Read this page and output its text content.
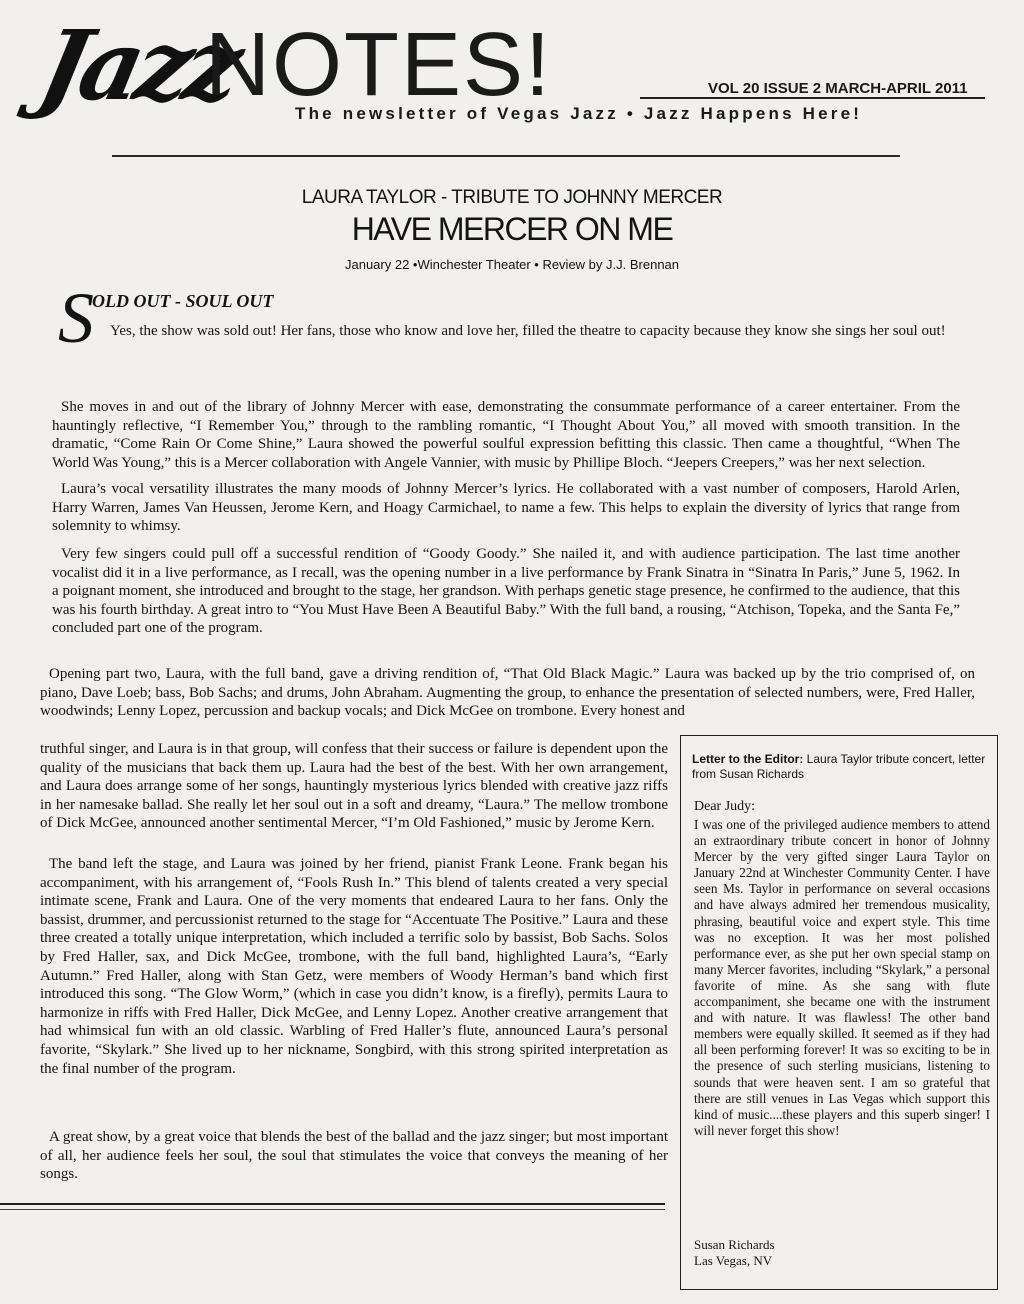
Jazz
NOTES!
The newsletter of Vegas Jazz • Jazz Happens Here!
VOL 20 ISSUE 2 MARCH-APRIL 2011
LAURA TAYLOR - TRIBUTE TO JOHNNY MERCER
HAVE MERCER ON ME
January 22 •Winchester Theater • Review by J.J. Brennan
S
OLD OUT - SOUL OUT

Yes, the show was sold out! Her fans, those who know and love her, filled the theatre to capacity because they know she sings her soul out!

She moves in and out of the library of Johnny Mercer with ease, demonstrating the consummate performance of a career entertainer. From the hauntingly reflective, “I Remember You,” through to the rambling romantic, “I Thought About You,” all moved with smooth transition. In the dramatic, “Come Rain Or Come Shine,” Laura showed the powerful soulful expression befitting this classic. Then came a thoughtful, “When The World Was Young,” this is a Mercer collaboration with Angele Vannier, with music by Phillipe Bloch. “Jeepers Creepers,” was her next selection.

Laura’s vocal versatility illustrates the many moods of Johnny Mercer’s lyrics. He collaborated with a vast number of composers, Harold Arlen, Harry Warren, James Van Heussen, Jerome Kern, and Hoagy Carmichael, to name a few. This helps to explain the diversity of lyrics that range from solemnity to whimsy.

Very few singers could pull off a successful rendition of “Goody Goody.” She nailed it, and with audience participation. The last time another vocalist did it in a live performance, as I recall, was the opening number in a live performance by Frank Sinatra in “Sinatra In Paris,” June 5, 1962. In a poignant moment, she introduced and brought to the stage, her grandson. With perhaps genetic stage presence, he confirmed to the audience, that this was his fourth birthday. A great intro to “You Must Have Been A Beautiful Baby.” With the full band, a rousing, “Atchison, Topeka, and the Santa Fe,” concluded part one of the program.

Opening part two, Laura, with the full band, gave a driving rendition of, “That Old Black Magic.” Laura was backed up by the trio comprised of, on piano, Dave Loeb; bass, Bob Sachs; and drums, John Abraham. Augmenting the group, to enhance the presentation of selected numbers, were, Fred Haller, woodwinds; Lenny Lopez, percussion and backup vocals; and Dick McGee on trombone. Every honest and

truthful singer, and Laura is in that group, will confess that their success or failure is dependent upon the quality of the musicians that back them up. Laura had the best of the best. With her own arrangement, and Laura does arrange some of her songs, hauntingly mysterious lyrics blended with creative jazz riffs in her namesake ballad. She really let her soul out in a soft and dreamy, “Laura.” The mellow trombone of Dick McGee, announced another sentimental Mercer, “I’m Old Fashioned,” music by Jerome Kern.

The band left the stage, and Laura was joined by her friend, pianist Frank Leone. Frank began his accompaniment, with his arrangement of, “Fools Rush In.” This blend of talents created a very special intimate scene, Frank and Laura. One of the very moments that endeared Laura to her fans. Only the bassist, drummer, and percussionist returned to the stage for “Accentuate The Positive.” Laura and these three created a totally unique interpretation, which included a terrific solo by bassist, Bob Sachs. Solos by Fred Haller, sax, and Dick McGee, trombone, with the full band, highlighted Laura’s, “Early Autumn.” Fred Haller, along with Stan Getz, were members of Woody Herman’s band which first introduced this song. “The Glow Worm,” (which in case you didn’t know, is a firefly), permits Laura to harmonize in riffs with Fred Haller, Dick McGee, and Lenny Lopez. Another creative arrangement that had whimsical fun with an old classic. Warbling of Fred Haller’s flute, announced Laura’s personal favorite, “Skylark.” She lived up to her nickname, Songbird, with this strong spirited interpretation as the final number of the program.

A great show, by a great voice that blends the best of the ballad and the jazz singer; but most important of all, her audience feels her soul, the soul that stimulates the voice that conveys the meaning of her songs.

Letter to the Editor: Laura Taylor tribute concert, letter from Susan Richards
Dear Judy:

I was one of the privileged audience members to attend an extraordinary tribute concert in honor of Johnny Mercer by the very gifted singer Laura Taylor on January 22nd at Winchester Community Center. I have seen Ms. Taylor in performance on several occasions and have always admired her tremendous musicality, phrasing, beautiful voice and expert style. This time was no exception. It was her most polished performance ever, as she put her own special stamp on many Mercer favorites, including “Skylark,” a personal favorite of mine. As she sang with flute accompaniment, she became one with the instrument and with nature. It was flawless! The other band members were equally skilled. It seemed as if they had all been performing forever! It was so exciting to be in the presence of such sterling musicians, listening to sounds that were heaven sent. I am so grateful that there are still venues in Las Vegas which support this kind of music....these players and this superb singer! I will never forget this show!

Susan Richards
Las Vegas, NV
